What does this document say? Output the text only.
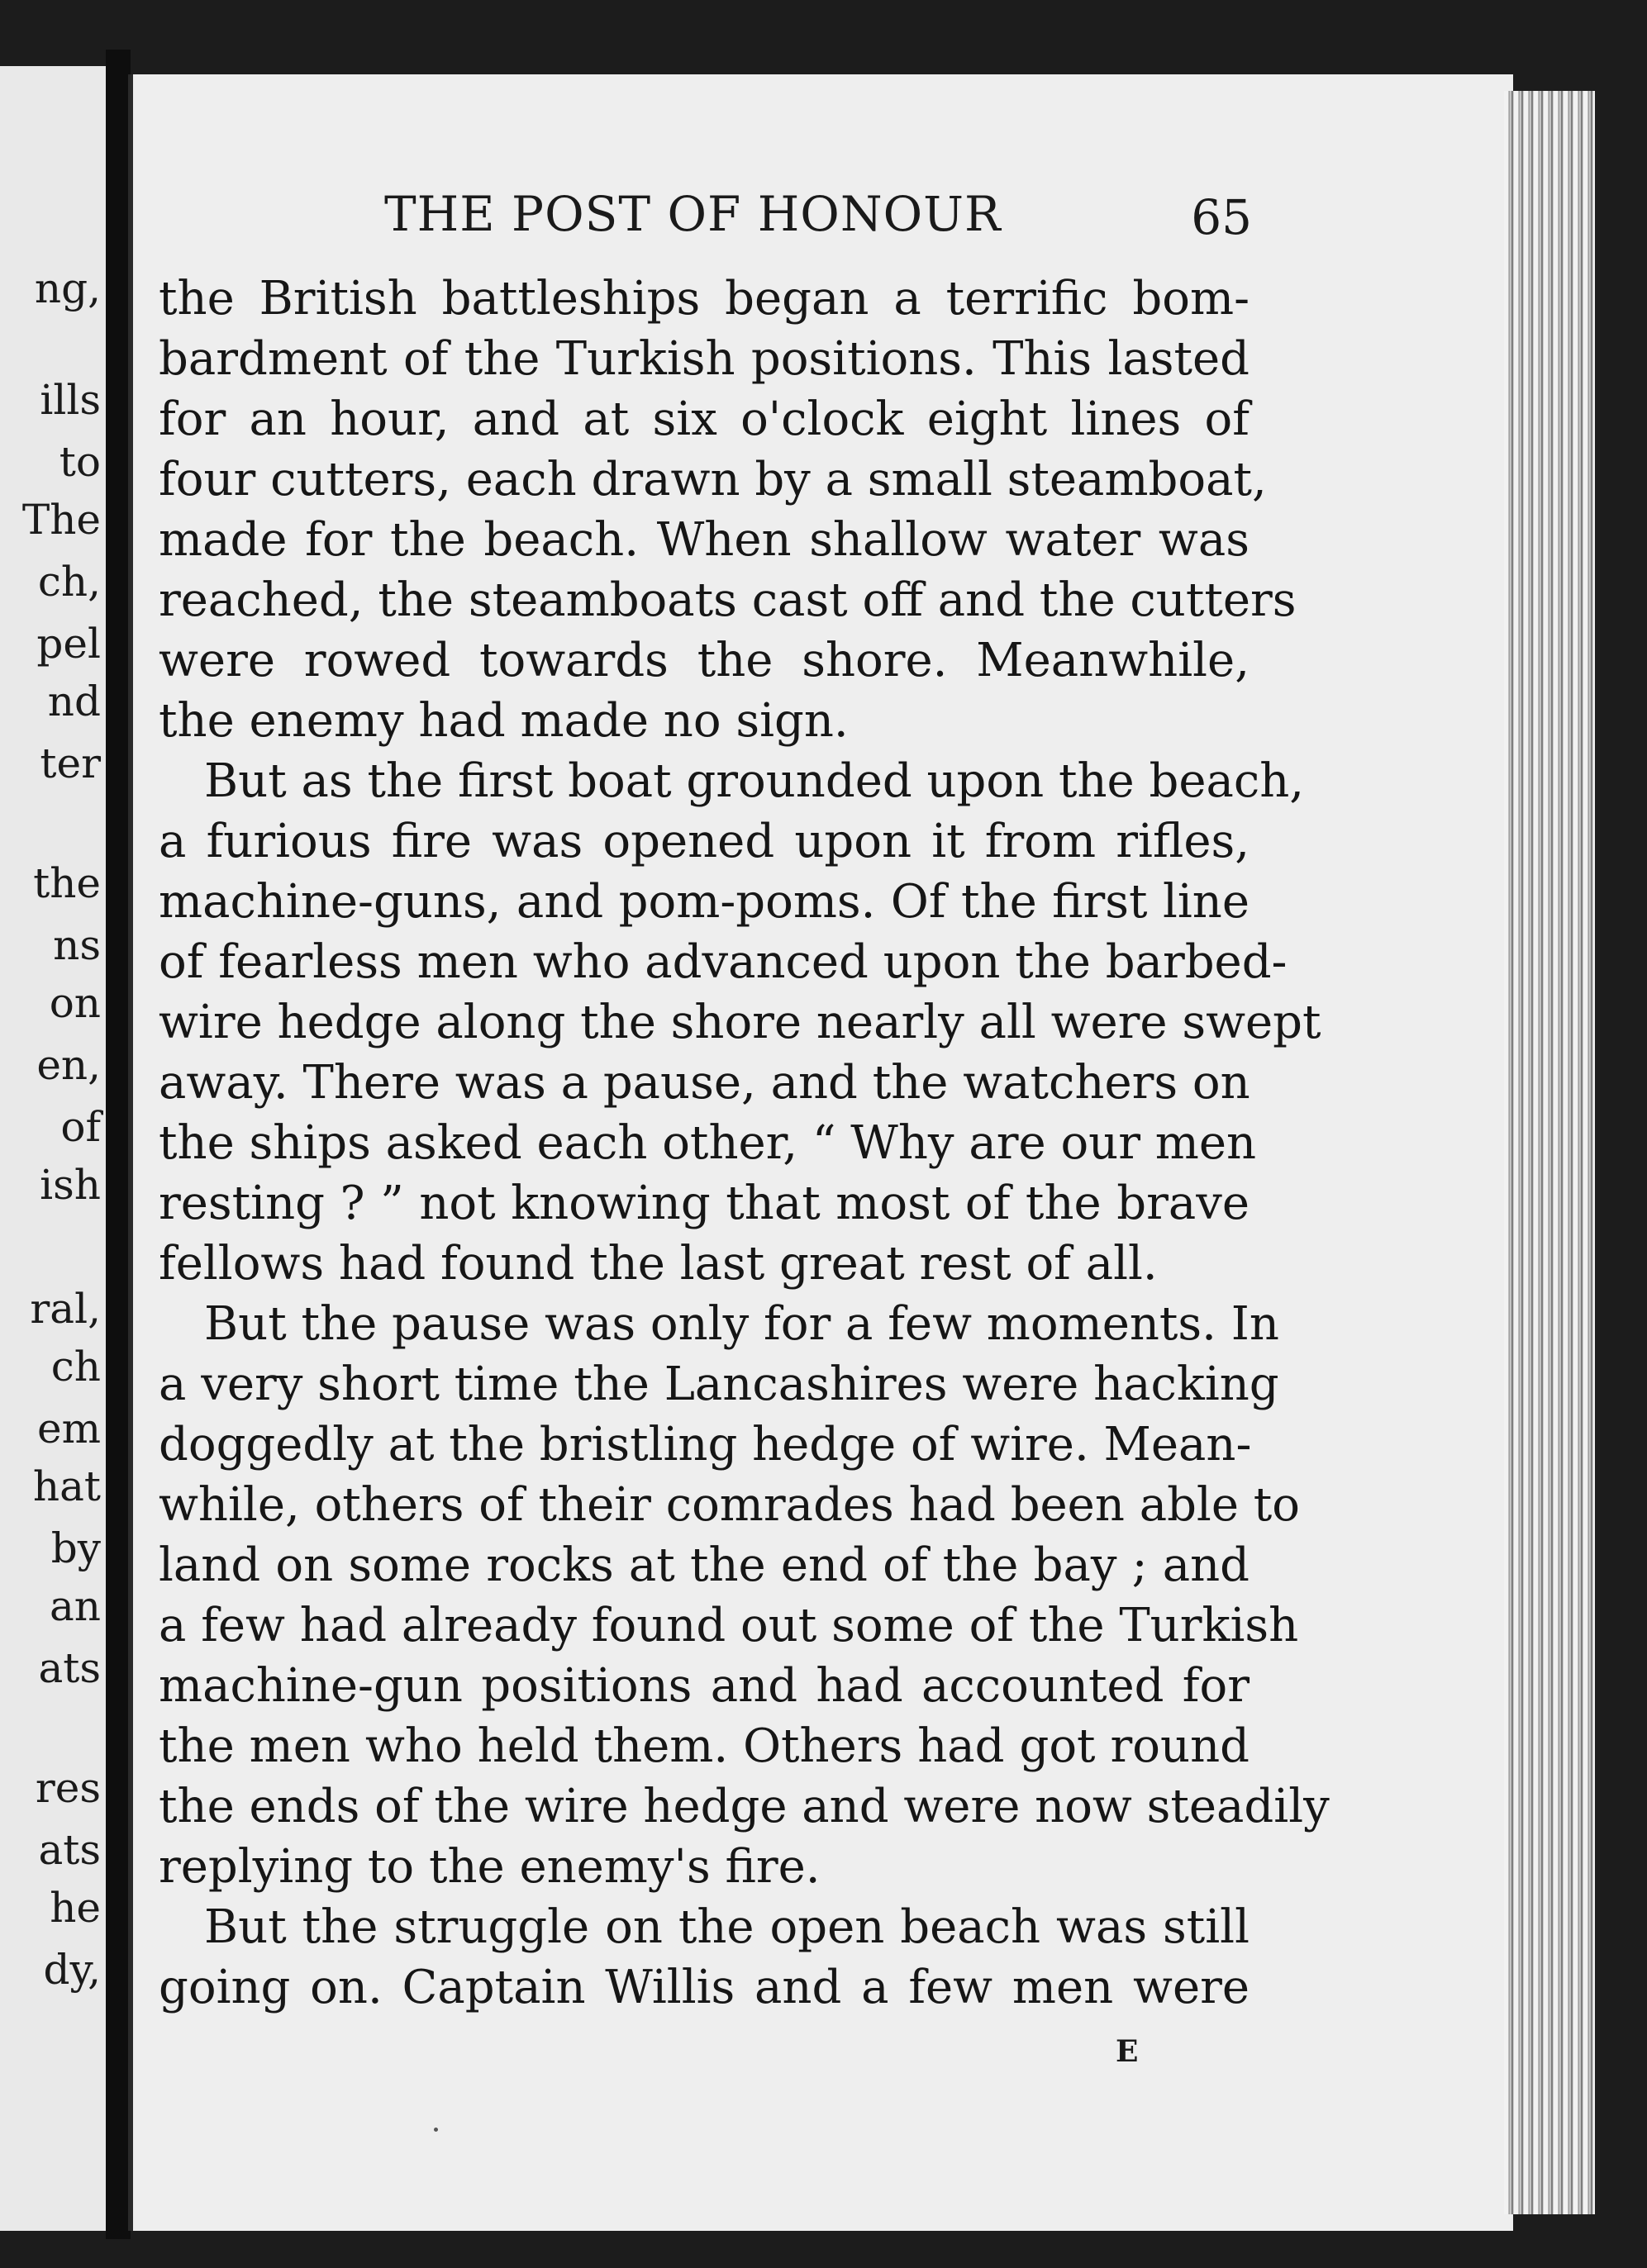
ng,
ills
to
The
ch,
pel
nd
ter
the
ns
on
en,
of
ish
ral,
ch
em
hat
by
an
ats
res
ats
he
dy,
THE POST OF HONOUR	65
the British battleships began a terrific bom-
bardment of the Turkish positions. This lasted
for an hour, and at six o'clock eight lines of
four cutters, each drawn by a small steamboat,
made for the beach. When shallow water was
reached, the steamboats cast off and the cutters
were rowed towards the shore. Meanwhile,
the enemy had made no sign.
But as the first boat grounded upon the beach,
a furious fire was opened upon it from rifles,
machine-guns, and pom-poms. Of the first line
of fearless men who advanced upon the barbed-
wire hedge along the shore nearly all were swept
away. There was a pause, and the watchers on
the ships asked each other, “ Why are our men
resting ? ” not knowing that most of the brave
fellows had found the last great rest of all.
But the pause was only for a few moments. In
a very short time the Lancashires were hacking
doggedly at the bristling hedge of wire. Mean-
while, others of their comrades had been able to
land on some rocks at the end of the bay ; and
a few had already found out some of the Turkish
machine-gun positions and had accounted for
the men who held them. Others had got round
the ends of the wire hedge and were now steadily
replying to the enemy's fire.
But the struggle on the open beach was still
going on. Captain Willis and a few men were
E
